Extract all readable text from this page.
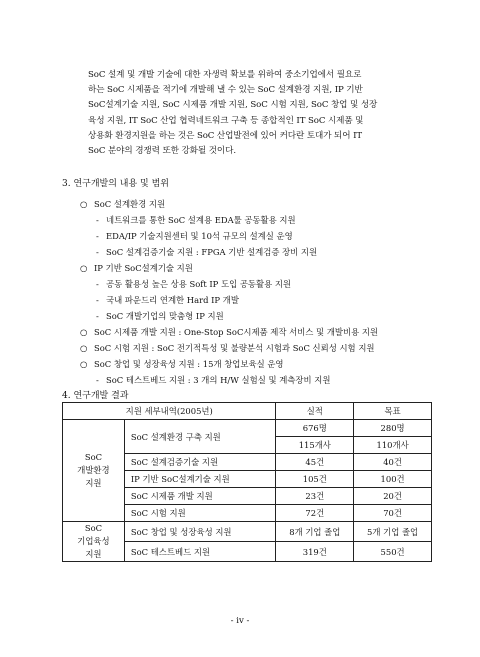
SoC 설계 및 개발 기술에 대한 자생력 확보를 위하여 중소기업에서 필요로
하는 SoC 시제품을 적기에 개발해 낼 수 있는 SoC 설계환경 지원, IP 기반
SoC설계기술 지원, SoC 시제품 개발 지원, SoC 시험 지원, SoC 창업 및 성장
육성 지원, IT SoC 산업 협력네트워크 구축 등 종합적인 IT SoC 시제품 및
상용화 환경지원을 하는 것은 SoC 산업발전에 있어 커다란 토대가 되어 IT
SoC 분야의 경쟁력 또한 강화될 것이다.
3. 연구개발의 내용 및 범위
○ SoC 설계환경 지원
- 네트워크를 통한 SoC 설계용 EDA툴 공동활용 지원
- EDA/IP 기술지원센터 및 10석 규모의 설계실 운영
- SoC 설계검증기술 지원 : FPGA 기반 설계검증 장비 지원
○ IP 기반 SoC설계기술 지원
- 공동 활용성 높은 상용 Soft IP 도입 공동활용 지원
- 국내 파운드리 연계한 Hard IP 개발
- SoC 개발기업의 맞춤형 IP 지원
○ SoC 시제품 개발 지원 : One-Stop SoC시제품 제작 서비스 및 개발비용 지원
○ SoC 시험 지원 : SoC 전기적특성 및 불량분석 시험과 SoC 신뢰성 시험 지원
○ SoC 창업 및 성장육성 지원 : 15개 창업보육실 운영
- SoC 테스트베드 지원 : 3 개의 H/W 실험실 및 계측장비 지원
4. 연구개발 결과
지원 세부내역(2005년)		실적	목표
SoC
개발환경
지원	SoC 설계환경 구축 지원	676명	280명
		115개사	110개사
	SoC 설계검증기술 지원	45건	40건
	IP 기반 SoC설계기술 지원	105건	100건
	SoC 시제품 개발 지원	23건	20건
	SoC 시험 지원	72건	70건
SoC
기업육성
지원	SoC 창업 및 성장육성 지원	8개 기업 졸업	5개 기업 졸업
	SoC 테스트베드 지원	319건	550건
- iv -
